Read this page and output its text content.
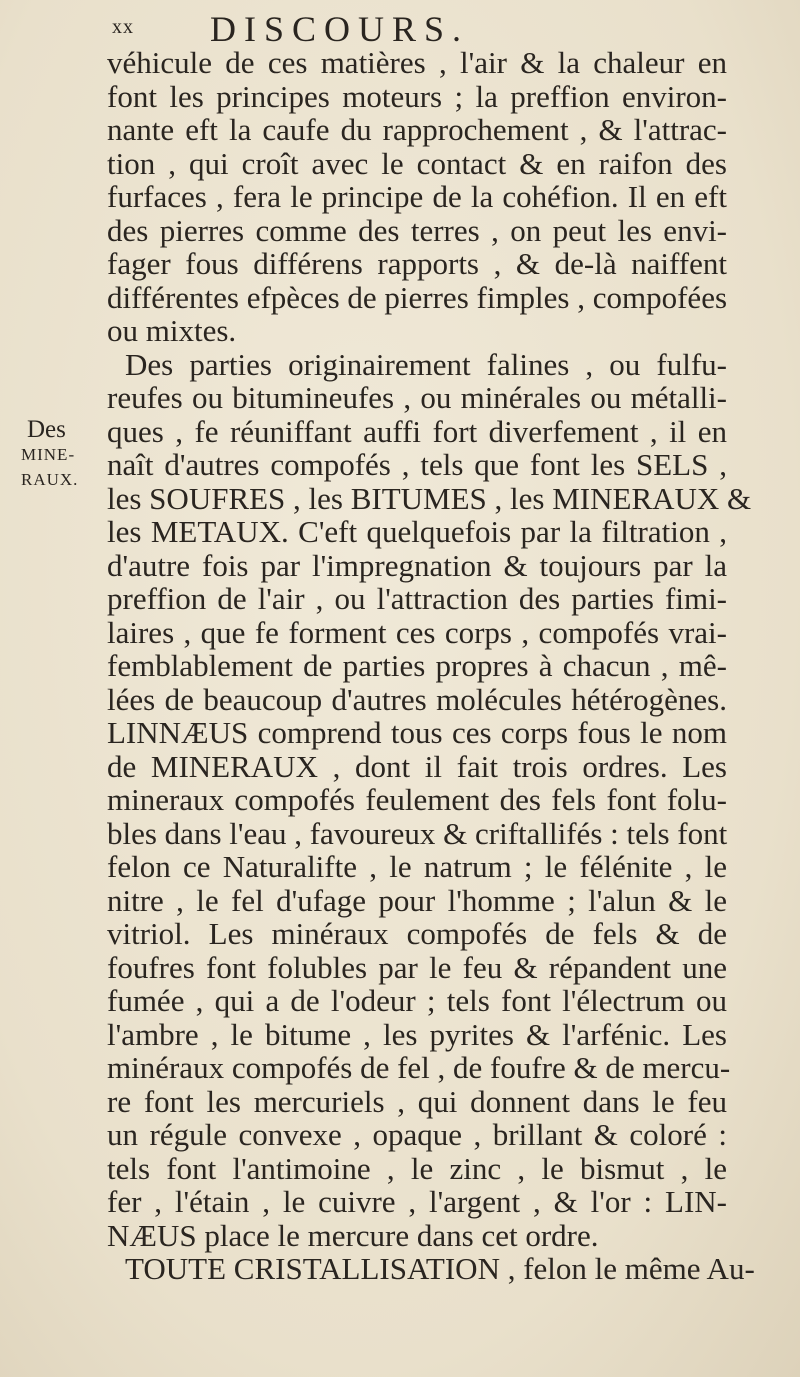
xx DISCOURS.
Des
MINE-
RAUX.
véhicule de ces matières , l'air & la chaleur en
font les principes moteurs ; la preffion environ-
nante eft la caufe du rapprochement , & l'attrac-
tion , qui croît avec le contact & en raifon des
furfaces , fera le principe de la cohéfion. Il en eft
des pierres comme des terres , on peut les envi-
fager fous différens rapports , & de-là naiffent
différentes efpèces de pierres fimples , compofées
ou mixtes.
Des parties originairement falines , ou fulfu-
reufes ou bitumineufes , ou minérales ou métalli-
ques , fe réuniffant auffi fort diverfement , il en
naît d'autres compofés , tels que font les SELS ,
les SOUFRES , les BITUMES , les MINERAUX &
les METAUX. C'eft quelquefois par la filtration ,
d'autre fois par l'impregnation & toujours par la
preffion de l'air , ou l'attraction des parties fimi-
laires , que fe forment ces corps , compofés vrai-
femblablement de parties propres à chacun , mê-
lées de beaucoup d'autres molécules hétérogènes.
LINNÆUS comprend tous ces corps fous le nom
de MINERAUX , dont il fait trois ordres. Les
mineraux compofés feulement des fels font folu-
bles dans l'eau , favoureux & criftallifés : tels font
felon ce Naturalifte , le natrum ; le félénite , le
nitre , le fel d'ufage pour l'homme ; l'alun & le
vitriol. Les minéraux compofés de fels & de
foufres font folubles par le feu & répandent une
fumée , qui a de l'odeur ; tels font l'électrum ou
l'ambre , le bitume , les pyrites & l'arfénic. Les
minéraux compofés de fel , de foufre & de mercu-
re font les mercuriels , qui donnent dans le feu
un régule convexe , opaque , brillant & coloré :
tels font l'antimoine , le zinc , le bismut , le
fer , l'étain , le cuivre , l'argent , & l'or : LIN-
NÆUS place le mercure dans cet ordre.
TOUTE CRISTALLISATION , felon le même Au-
